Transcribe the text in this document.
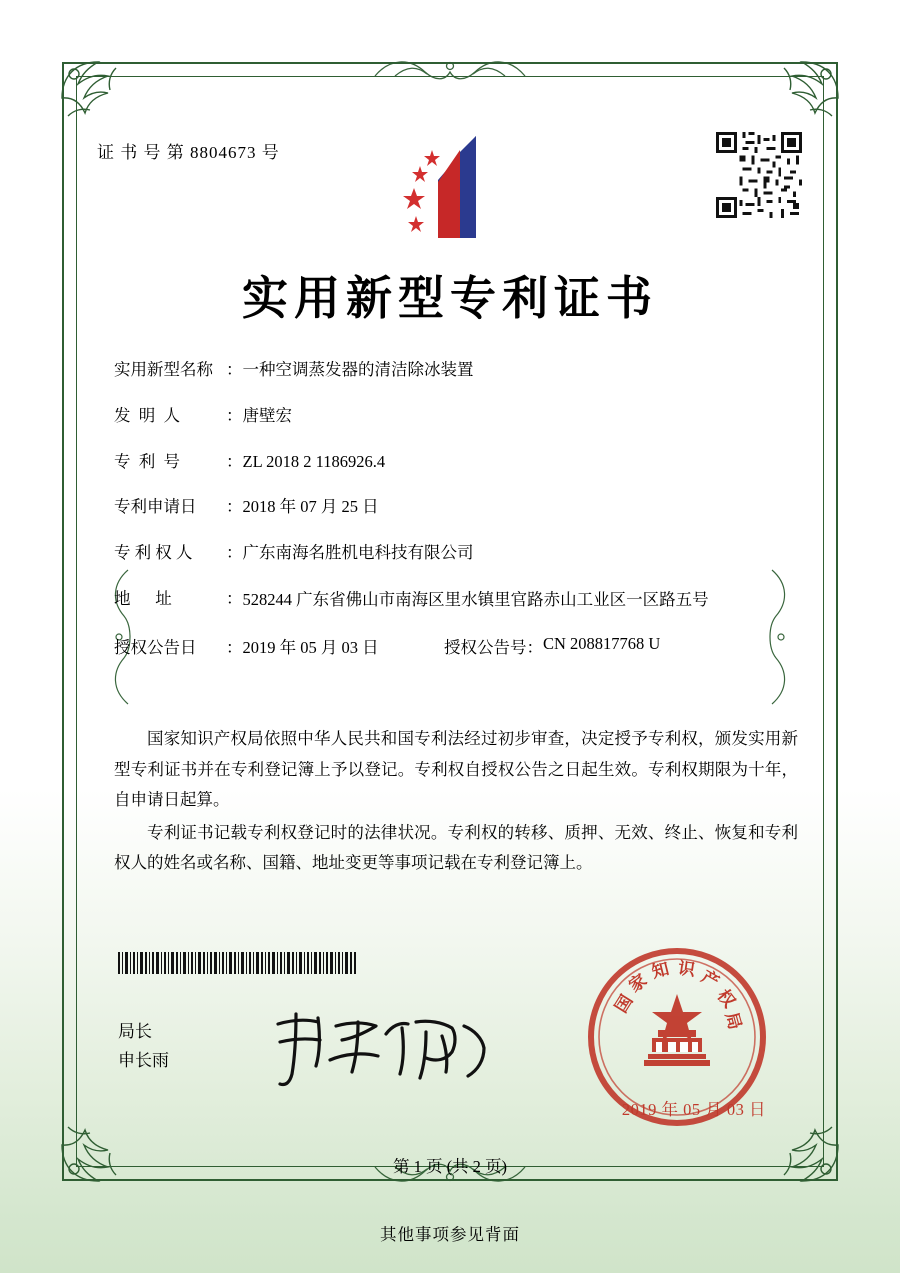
证 书 号 第 8804673 号
实用新型专利证书
实用新型名称 ： 一种空调蒸发器的清洁除冰装置
发  明  人	： 唐壁宏
专  利  号	： ZL 2018 2 1186926.4
专利申请日	： 2018 年 07 月 25 日
专 利 权 人	： 广东南海名胜机电科技有限公司
地      址	： 528244 广东省佛山市南海区里水镇里官路赤山工业区一区路五号
授权公告日	： 2019 年 05 月 03 日	授权公告号 ： CN 208817768 U

国家知识产权局依照中华人民共和国专利法经过初步审查，决定授予专利权，颁发实用新型专利证书并在专利登记簿上予以登记。专利权自授权公告之日起生效。专利权期限为十年，自申请日起算。

专利证书记载专利权登记时的法律状况。专利权的转移、质押、无效、终止、恢复和专利权人的姓名或名称、国籍、地址变更等事项记载在专利登记簿上。

局长
申长雨
国
家
知 识 产
权
局
2019 年 05 月 03 日
第 1 页 (共 2 页)
其他事项参见背面
